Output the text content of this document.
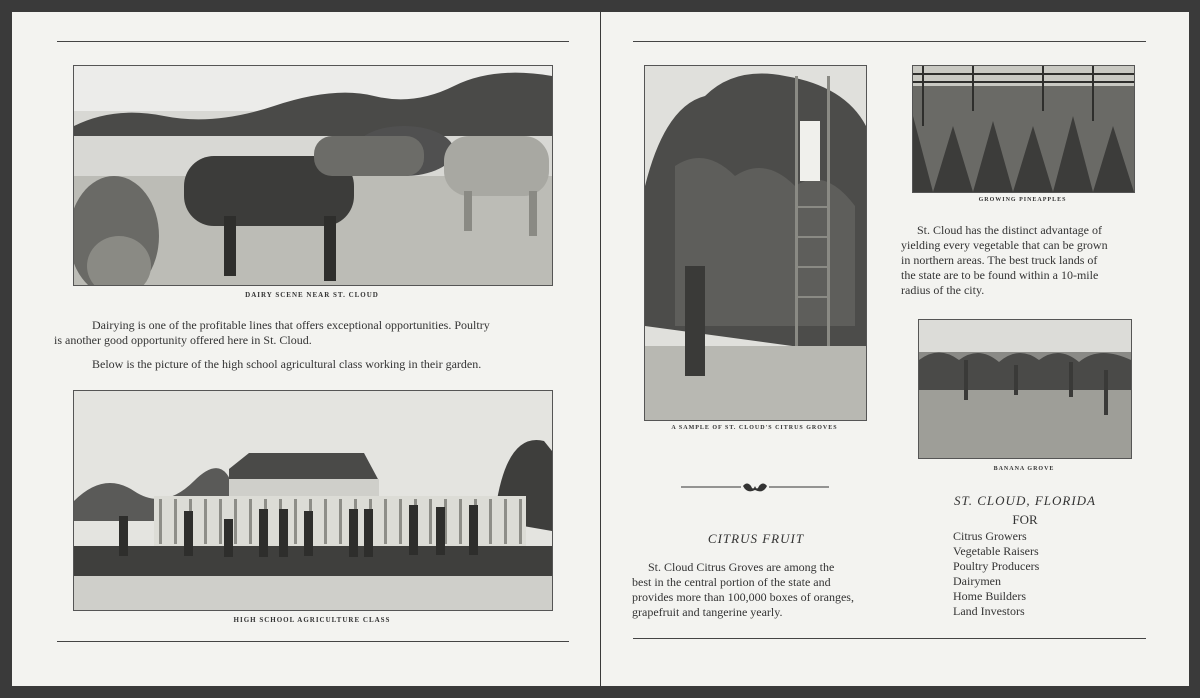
DAIRY SCENE NEAR ST. CLOUD
Dairying is one of the profitable lines that offers exceptional opportunities. Poultry
is another good opportunity offered here in St. Cloud.
Below is the picture of the high school agricultural class working in their garden.
HIGH SCHOOL AGRICULTURE CLASS
A SAMPLE OF ST. CLOUD'S CITRUS GROVES
CITRUS FRUIT
St. Cloud Citrus Groves are among the
best in the central portion of the state and
provides more than 100,000 boxes of oranges,
grapefruit and tangerine yearly.
GROWING PINEAPPLES
St. Cloud has the distinct advantage of
yielding every vegetable that can be grown
in northern areas. The best truck lands of
the state are to be found within a 10-mile
radius of the city.
BANANA GROVE
ST. CLOUD, FLORIDA
FOR
Citrus Growers
Vegetable Raisers
Poultry Producers
Dairymen
Home Builders
Land Investors
